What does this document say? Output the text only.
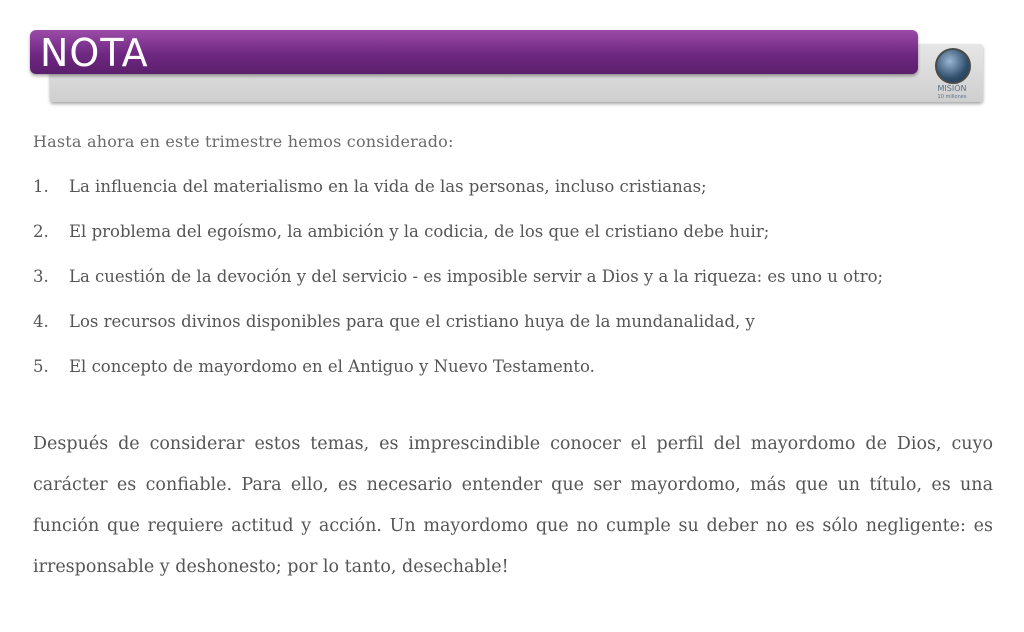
NOTA
MISIÓN
10 millones
Hasta ahora en este trimestre hemos considerado:
1. La influencia del materialismo en la vida de las personas, incluso cristianas;
2. El problema del egoísmo, la ambición y la codicia, de los que el cristiano debe huir;
3. La cuestión de la devoción y del servicio - es imposible servir a Dios y a la riqueza: es uno u otro;
4. Los recursos divinos disponibles para que el cristiano huya de la mundanalidad, y
5. El concepto de mayordomo en el Antiguo y Nuevo Testamento.

Después de considerar estos temas, es imprescindible conocer el perfil del mayordomo de Dios, cuyo carácter es confiable. Para ello, es necesario entender que ser mayordomo, más que un título, es una función que requiere actitud y acción. Un mayordomo que no cumple su deber no es sólo negligente: es irresponsable y deshonesto; por lo tanto, desechable!
